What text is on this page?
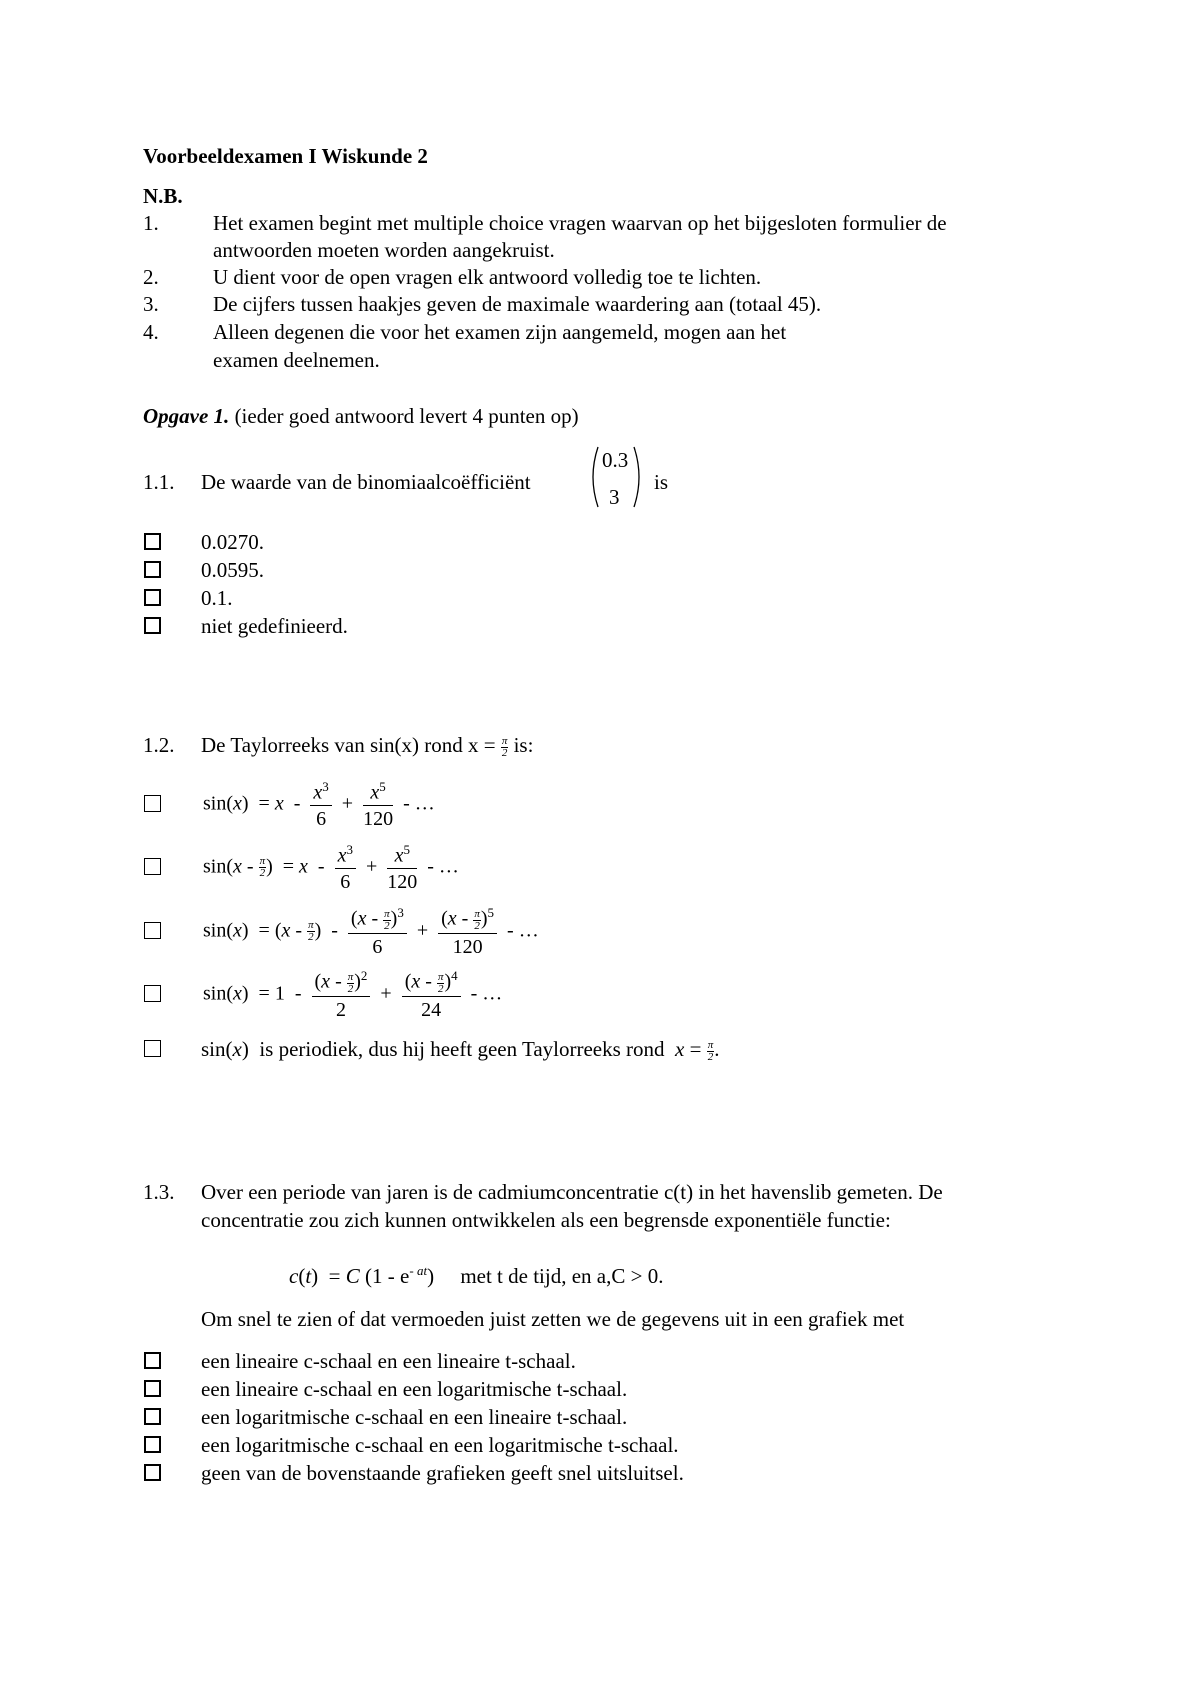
Voorbeeldexamen I Wiskunde 2
N.B.
1.	Het examen begint met multiple choice vragen waarvan op het bijgesloten formulier de
antwoorden moeten worden aangekruist.
2.	U dient voor de open vragen elk antwoord volledig toe te lichten.
3.	De cijfers tussen haakjes geven de maximale waardering aan (totaal 45).
4.	Alleen degenen die voor het examen zijn aangemeld, mogen aan het
examen deelnemen.
Opgave 1. (ieder goed antwoord levert 4 punten op)
1.1. De waarde van de binomiaalcoëfficiënt
0.3
3
is
0.0270.
0.0595.
0.1.
niet gedefinieerd.
1.2. De Taylorreeks van sin(x) rond $x = \frac{\pi}{2}$ is:
$\sin(x) = x - \frac{x^3}{6} + \frac{x^5}{120}$ - …
$\sin(x - \frac{\pi}{2}$ )  = $x - \frac{x^3}{6} + \frac{x^5}{120}$ - …
$\sin(x) = (x - \frac{\pi}{2}$ )  - $\frac{(x - \frac{\pi}{2} )^3}{6} + \frac{(x - \frac{\pi}{2} )^5}{120}$ - …
$\sin(x) = 1 - \frac{(x - \frac{\pi}{2} )^2}{2} + \frac{(x - \frac{\pi}{2} )^4}{24}$ - …
sin(x)  is periodiek, dus hij heeft geen Taylorreeks rond $x = \frac{\pi}{2}$ .
1.3. Over een periode van jaren is de cadmiumconcentratie c(t) in het havenslib gemeten. De
concentratie zou zich kunnen ontwikkelen als een begrensde exponentiële functie:
c(t)  = C $(1 - e^{- at})$     met t de tijd, en a,C > 0.
Om snel te zien of dat vermoeden juist zetten we de gegevens uit in een grafiek met
een lineaire c-schaal en een lineaire t-schaal.
een lineaire c-schaal en een logaritmische t-schaal.
een logaritmische c-schaal en een lineaire t-schaal.
een logaritmische c-schaal en een logaritmische t-schaal.
geen van de bovenstaande grafieken geeft snel uitsluitsel.
